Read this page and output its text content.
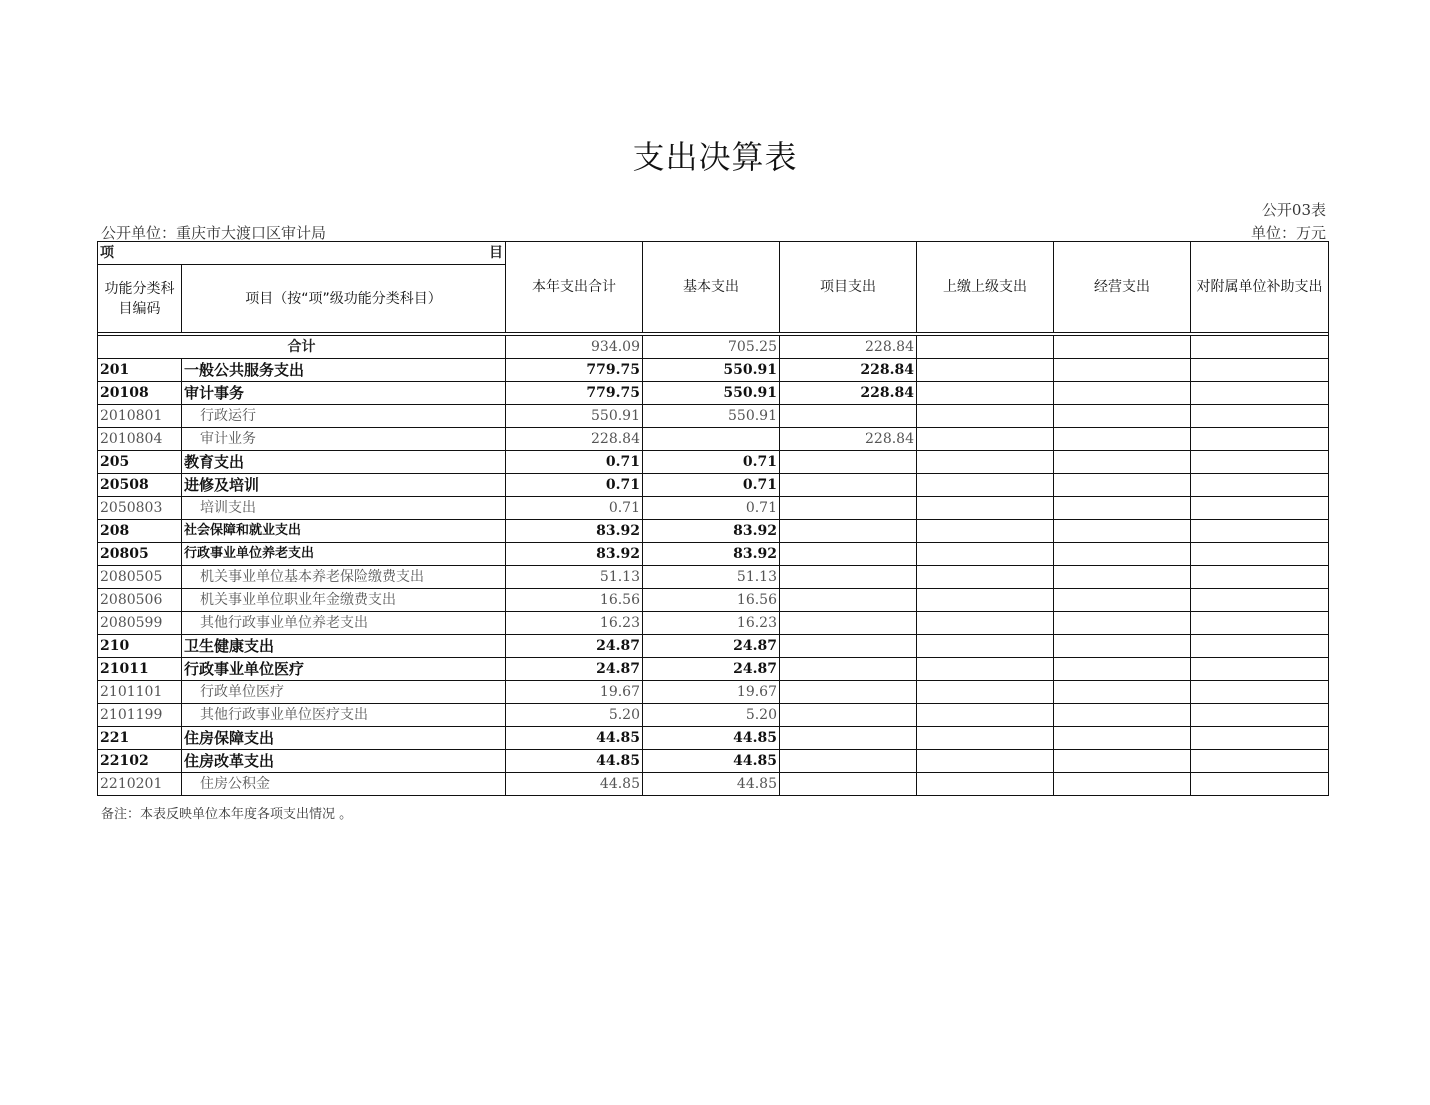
支出决算表
公开03表
公开单位：重庆市大渡口区审计局	单位：万元
项 目		本年支出合计	基本支出	项目支出	上缴上级支出	经营支出	对附属单位补助支出
功能分类科目编码	项目（按“项”级功能分类科目）						

合计		934.09	705.25	228.84			
201	一般公共服务支出	779.75	550.91	228.84			
20108	审计事务	779.75	550.91	228.84			
2010801	行政运行	550.91	550.91				
2010804	审计业务	228.84		228.84			
205	教育支出	0.71	0.71				
20508	进修及培训	0.71	0.71				
2050803	培训支出	0.71	0.71				
208	社会保障和就业支出	83.92	83.92				
20805	行政事业单位养老支出	83.92	83.92				
2080505	机关事业单位基本养老保险缴费支出	51.13	51.13				
2080506	机关事业单位职业年金缴费支出	16.56	16.56				
2080599	其他行政事业单位养老支出	16.23	16.23				
210	卫生健康支出	24.87	24.87				
21011	行政事业单位医疗	24.87	24.87				
2101101	行政单位医疗	19.67	19.67				
2101199	其他行政事业单位医疗支出	5.20	5.20				
221	住房保障支出	44.85	44.85				
22102	住房改革支出	44.85	44.85				
2210201	住房公积金	44.85	44.85				
备注：本表反映单位本年度各项支出情况 。
